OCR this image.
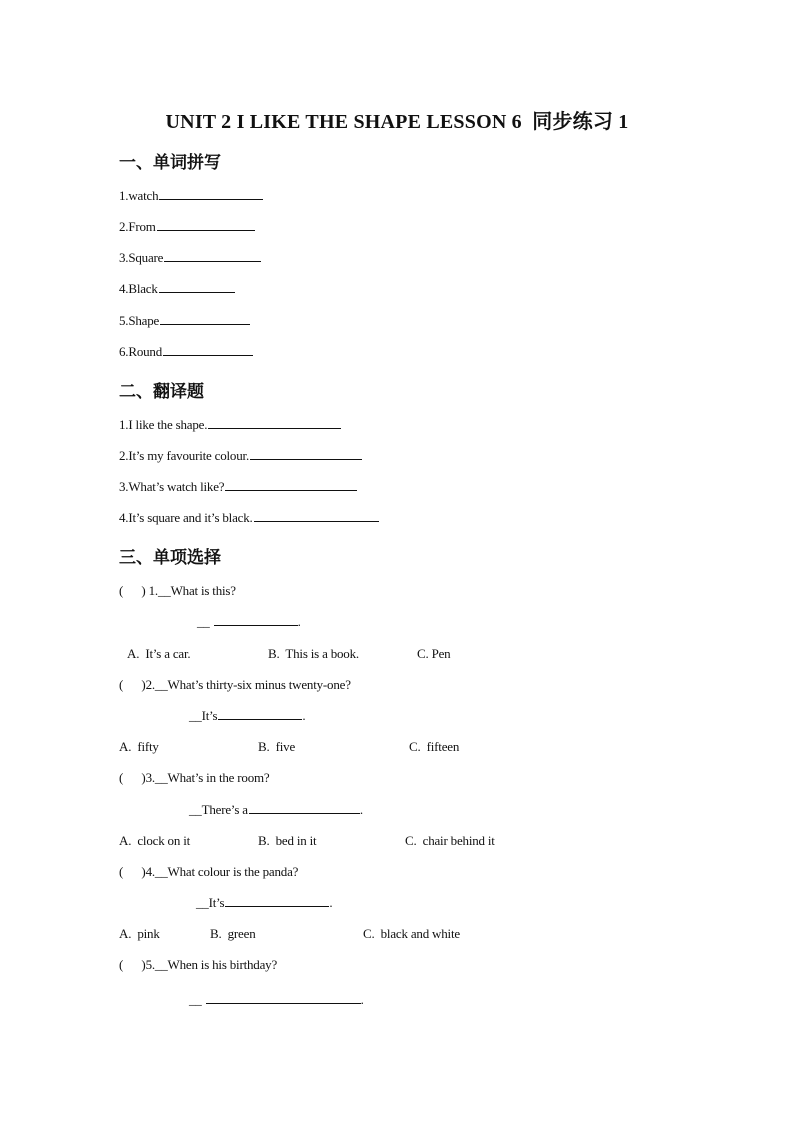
UNIT 2 I LIKE THE SHAPE LESSON 6  同步练习 1
一、单词拼写
1.watch
2.From
3.Square
4.Black
5.Shape
6.Round
二、翻译题
1.I like the shape.
2.It’s my favourite colour.
3.What’s watch like?
4.It’s square and it’s black.
三、单项选择
(      ) 1.__What is this?
__	.
A.  It’s a car.	B.  This is a book.	C. Pen
(      )2.__What’s thirty-six minus twenty-one?
__It’s	.
A.  fifty	B.  five	C.  fifteen
(      )3.__What’s in the room?
__There’s a	.
A.  clock on it	B.  bed in it	C.  chair behind it
(      )4.__What colour is the panda?
__It’s	.
A.  pink	B.  green	C.  black and white
(      )5.__When is his birthday?
__	.
